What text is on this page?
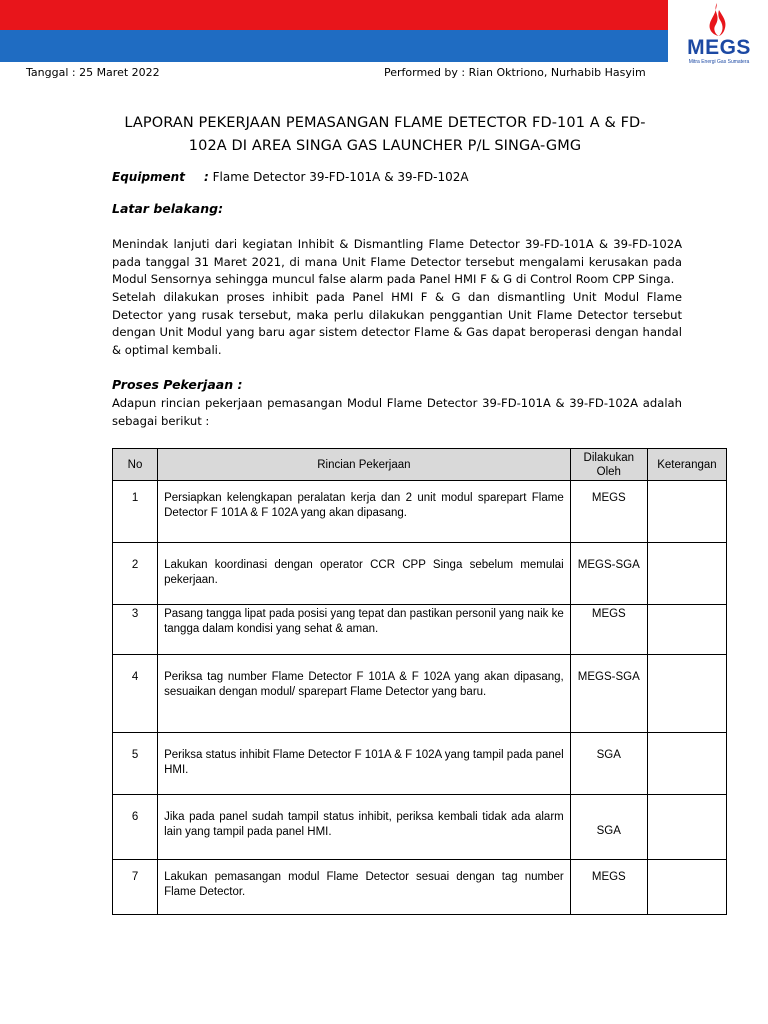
MEGS
Mitra Energi Gas Sumatera
Tanggal : 25 Maret 2022	Performed by : Rian Oktriono, Nurhabib Hasyim
LAPORAN PEKERJAAN PEMASANGAN FLAME DETECTOR FD-101 A & FD-
102A DI AREA SINGA GAS LAUNCHER P/L SINGA-GMG
Equipment : Flame Detector 39-FD-101A & 39-FD-102A
Latar belakang:

Menindak lanjuti dari kegiatan Inhibit & Dismantling Flame Detector 39-FD-101A & 39-FD-102A pada tanggal 31 Maret 2021, di mana Unit Flame Detector tersebut mengalami kerusakan pada Modul Sensornya sehingga muncul false alarm pada Panel HMI F & G di Control Room CPP Singa.

Setelah dilakukan proses inhibit pada Panel HMI F & G dan dismantling Unit Modul Flame Detector yang rusak tersebut, maka perlu dilakukan penggantian Unit Flame Detector tersebut dengan Unit Modul yang baru agar sistem detector Flame & Gas dapat beroperasi dengan handal & optimal kembali.

Proses Pekerjaan :

Adapun rincian pekerjaan pemasangan Modul Flame Detector 39-FD-101A & 39-FD-102A adalah sebagai berikut :

No	Rincian Pekerjaan	Dilakukan Oleh	Keterangan
1	Persiapkan kelengkapan peralatan kerja dan 2 unit modul sparepart Flame Detector F 101A & F 102A yang akan dipasang.	MEGS	
2	Lakukan koordinasi dengan operator CCR CPP Singa sebelum memulai pekerjaan.	MEGS-SGA	
3	Pasang tangga lipat pada posisi yang tepat dan pastikan personil yang naik ke tangga dalam kondisi yang sehat & aman.	MEGS	
4	Periksa tag number Flame Detector F 101A & F 102A yang akan dipasang, sesuaikan dengan modul/ sparepart Flame Detector yang baru.	MEGS-SGA	
5	Periksa status inhibit Flame Detector F 101A & F 102A yang tampil pada panel HMI.	SGA	
6	Jika pada panel sudah tampil status inhibit, periksa kembali tidak ada alarm lain yang tampil pada panel HMI.	SGA	
7	Lakukan pemasangan modul Flame Detector sesuai dengan tag number Flame Detector.	MEGS	
